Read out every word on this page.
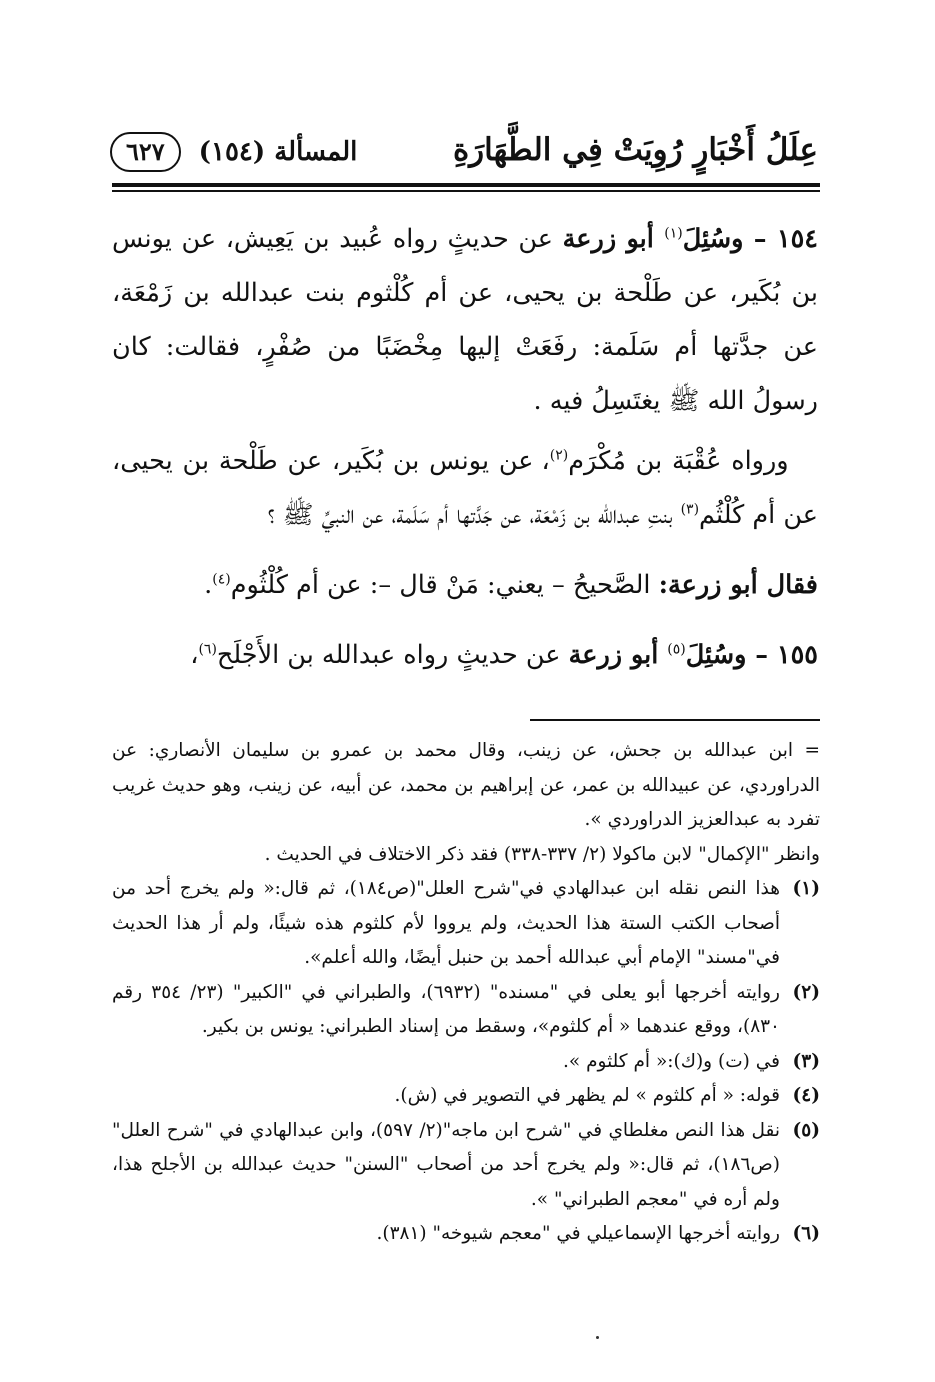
عِلَلُ أَخْبَارٍ رُوِيَتْ فِي الطَّهَارَةِ
المسألة (١٥٤)
٦٢٧

١٥٤ – وسُئِلَ$^{(١)}$ أبو زرعة عن حديثٍ رواه عُبيد بن يَعِيش، عن يونس بن بُكَير، عن طَلْحة بن يحيى، عن أم كُلْثوم بنت عبدالله بن زَمْعَة، عن جدَّتها أم سَلَمة: رفَعَتْ إليها مِخْضَبًا من صُفْرٍ، فقالت: كان رسولُ الله ﷺ يغتَسِلُ فيه .

ورواه عُقْبَة بن مُكْرَم$^{(٢)}$، عن يونس بن بُكَير، عن طَلْحة بن يحيى، عن أم كُلْثُم$^{(٣)}$ بنتِ عبدالله بن زَمْعَة، عن جَدَّتها أم سَلَمة، عن النبيِّ ﷺ ؟

فقال أبو زرعة: الصَّحيحُ – يعني: مَنْ قال –: عن أم كُلْثُوم$^{(٤)}$.

١٥٥ – وسُئِلَ$^{(٥)}$ أبو زرعة عن حديثٍ رواه عبدالله بن الأَجْلَح$^{(٦)}$،

= ابن عبدالله بن جحش، عن زينب، وقال محمد بن عمرو بن سليمان الأنصاري: عن الدراوردي، عن عبيدالله بن عمر، عن إبراهيم بن محمد، عن أبيه، عن زينب، وهو حديث غريب تفرد به عبدالعزيز الدراوردي ».
وانظر "الإكمال" لابن ماكولا (٢/ ٣٣٧-٣٣٨) فقد ذكر الاختلاف في الحديث .
(١)
هذا النص نقله ابن عبدالهادي في"شرح العلل"(ص١٨٤)، ثم قال:« ولم يخرج أحد من أصحاب الكتب الستة هذا الحديث، ولم يرووا لأم كلثوم هذه شيئًا، ولم أر هذا الحديث في"مسند" الإمام أبي عبدالله أحمد بن حنبل أيضًا، والله أعلم».
(٢)
روايته أخرجها أبو يعلى في "مسنده" (٦٩٣٢)، والطبراني في "الكبير" (٢٣/ ٣٥٤ رقم ٨٣٠)، ووقع عندهما « أم كلثوم»، وسقط من إسناد الطبراني: يونس بن بكير.
(٣)
في (ت) و(ك):« أم كلثوم ».
(٤)
قوله: « أم كلثوم » لم يظهر في التصوير في (ش).
(٥)
نقل هذا النص مغلطاي في "شرح ابن ماجه"(٢/ ٥٩٧)، وابن عبدالهادي في "شرح العلل"(ص١٨٦)، ثم قال:« ولم يخرج أحد من أصحاب "السنن" حديث عبدالله بن الأجلح هذا، ولم أره في "معجم الطبراني" ».
(٦)
روايته أخرجها الإسماعيلي في "معجم شيوخه" (٣٨١).
